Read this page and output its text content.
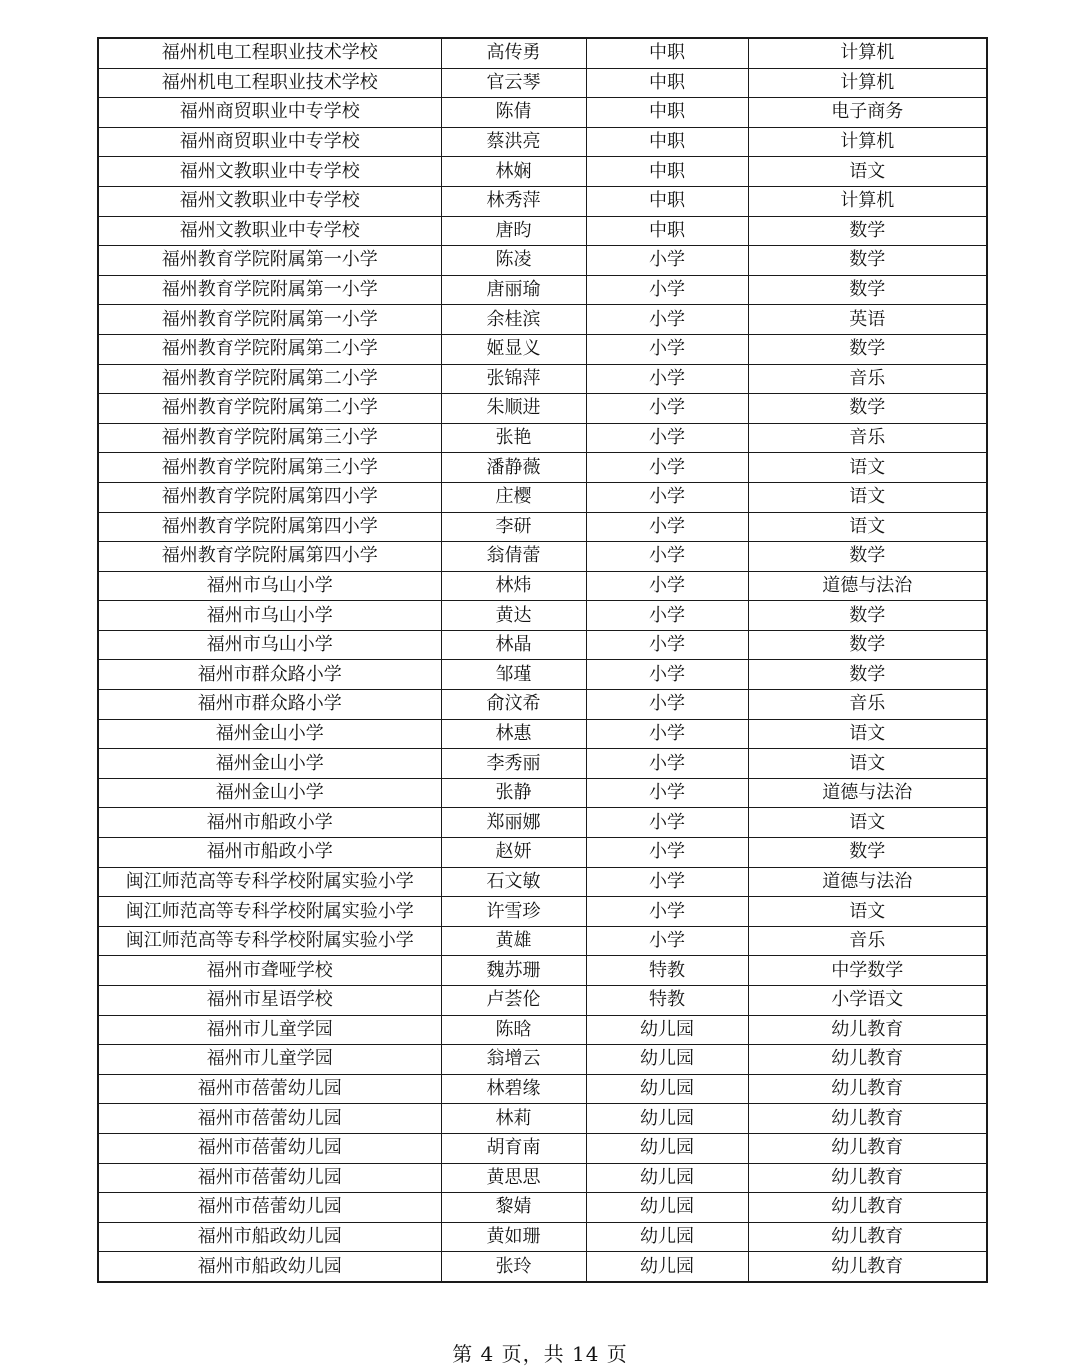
福州机电工程职业技术学校	高传勇	中职	计算机
福州机电工程职业技术学校	官云琴	中职	计算机
福州商贸职业中专学校	陈倩	中职	电子商务
福州商贸职业中专学校	蔡洪亮	中职	计算机
福州文教职业中专学校	林娴	中职	语文
福州文教职业中专学校	林秀萍	中职	计算机
福州文教职业中专学校	唐昀	中职	数学
福州教育学院附属第一小学	陈凌	小学	数学
福州教育学院附属第一小学	唐丽瑜	小学	数学
福州教育学院附属第一小学	余桂滨	小学	英语
福州教育学院附属第二小学	姬显义	小学	数学
福州教育学院附属第二小学	张锦萍	小学	音乐
福州教育学院附属第二小学	朱顺进	小学	数学
福州教育学院附属第三小学	张艳	小学	音乐
福州教育学院附属第三小学	潘静薇	小学	语文
福州教育学院附属第四小学	庄樱	小学	语文
福州教育学院附属第四小学	李研	小学	语文
福州教育学院附属第四小学	翁倩蕾	小学	数学
福州市乌山小学	林炜	小学	道德与法治
福州市乌山小学	黄达	小学	数学
福州市乌山小学	林晶	小学	数学
福州市群众路小学	邹瑾	小学	数学
福州市群众路小学	俞汶希	小学	音乐
福州金山小学	林惠	小学	语文
福州金山小学	李秀丽	小学	语文
福州金山小学	张静	小学	道德与法治
福州市船政小学	郑丽娜	小学	语文
福州市船政小学	赵妍	小学	数学
闽江师范高等专科学校附属实验小学	石文敏	小学	道德与法治
闽江师范高等专科学校附属实验小学	许雪珍	小学	语文
闽江师范高等专科学校附属实验小学	黄雄	小学	音乐
福州市聋哑学校	魏苏珊	特教	中学数学
福州市星语学校	卢荟伦	特教	小学语文
福州市儿童学园	陈晗	幼儿园	幼儿教育
福州市儿童学园	翁增云	幼儿园	幼儿教育
福州市蓓蕾幼儿园	林碧缘	幼儿园	幼儿教育
福州市蓓蕾幼儿园	林莉	幼儿园	幼儿教育
福州市蓓蕾幼儿园	胡育南	幼儿园	幼儿教育
福州市蓓蕾幼儿园	黄思思	幼儿园	幼儿教育
福州市蓓蕾幼儿园	黎婧	幼儿园	幼儿教育
福州市船政幼儿园	黄如珊	幼儿园	幼儿教育
福州市船政幼儿园	张玲	幼儿园	幼儿教育
第 4 页，共 14 页
